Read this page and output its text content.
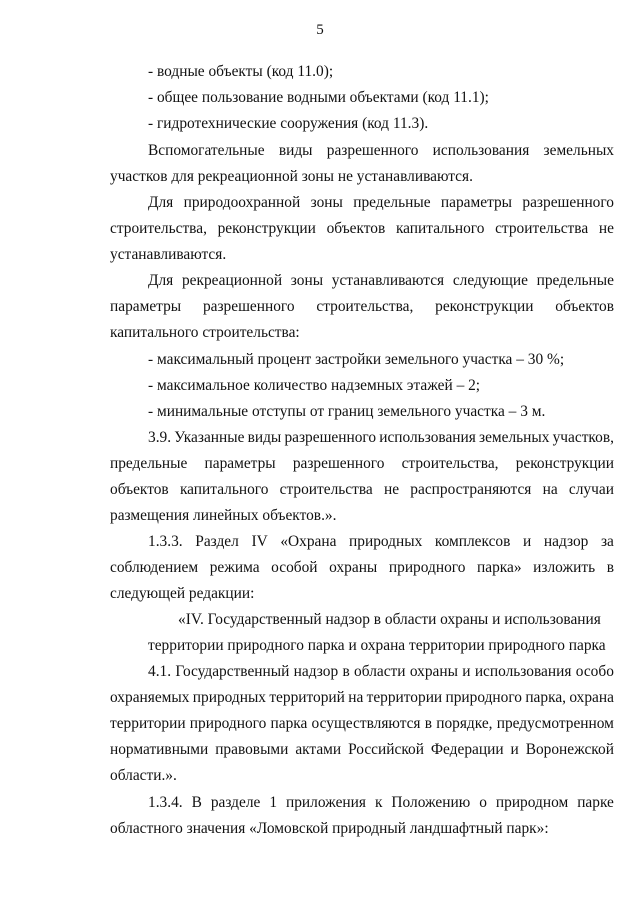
5
- водные объекты (код 11.0);
- общее пользование водными объектами (код 11.1);
- гидротехнические сооружения (код 11.3).
Вспомогательные виды разрешенного использования земельных
участков для рекреационной зоны не устанавливаются.
Для природоохранной зоны предельные параметры разрешенного
строительства, реконструкции объектов капитального строительства не
устанавливаются.
Для рекреационной зоны устанавливаются следующие предельные
параметры разрешенного строительства, реконструкции объектов
капитального строительства:
- максимальный процент застройки земельного участка – 30 %;
- максимальное количество надземных этажей – 2;
- минимальные отступы от границ земельного участка – 3 м.
3.9. Указанные виды разрешенного использования земельных участков,
предельные параметры разрешенного строительства, реконструкции
объектов капитального строительства не распространяются на случаи
размещения линейных объектов.».
1.3.3. Раздел IV «Охрана природных комплексов и надзор за
соблюдением режима особой охраны природного парка» изложить в
следующей редакции:
«IV. Государственный надзор в области охраны и использования
территории природного парка и охрана территории природного парка
4.1. Государственный надзор в области охраны и использования особо
охраняемых природных территорий на территории природного парка, охрана
территории природного парка осуществляются в порядке, предусмотренном
нормативными правовыми актами Российской Федерации и Воронежской
области.».
1.3.4. В разделе 1 приложения к Положению о природном парке
областного значения «Ломовской природный ландшафтный парк»:
